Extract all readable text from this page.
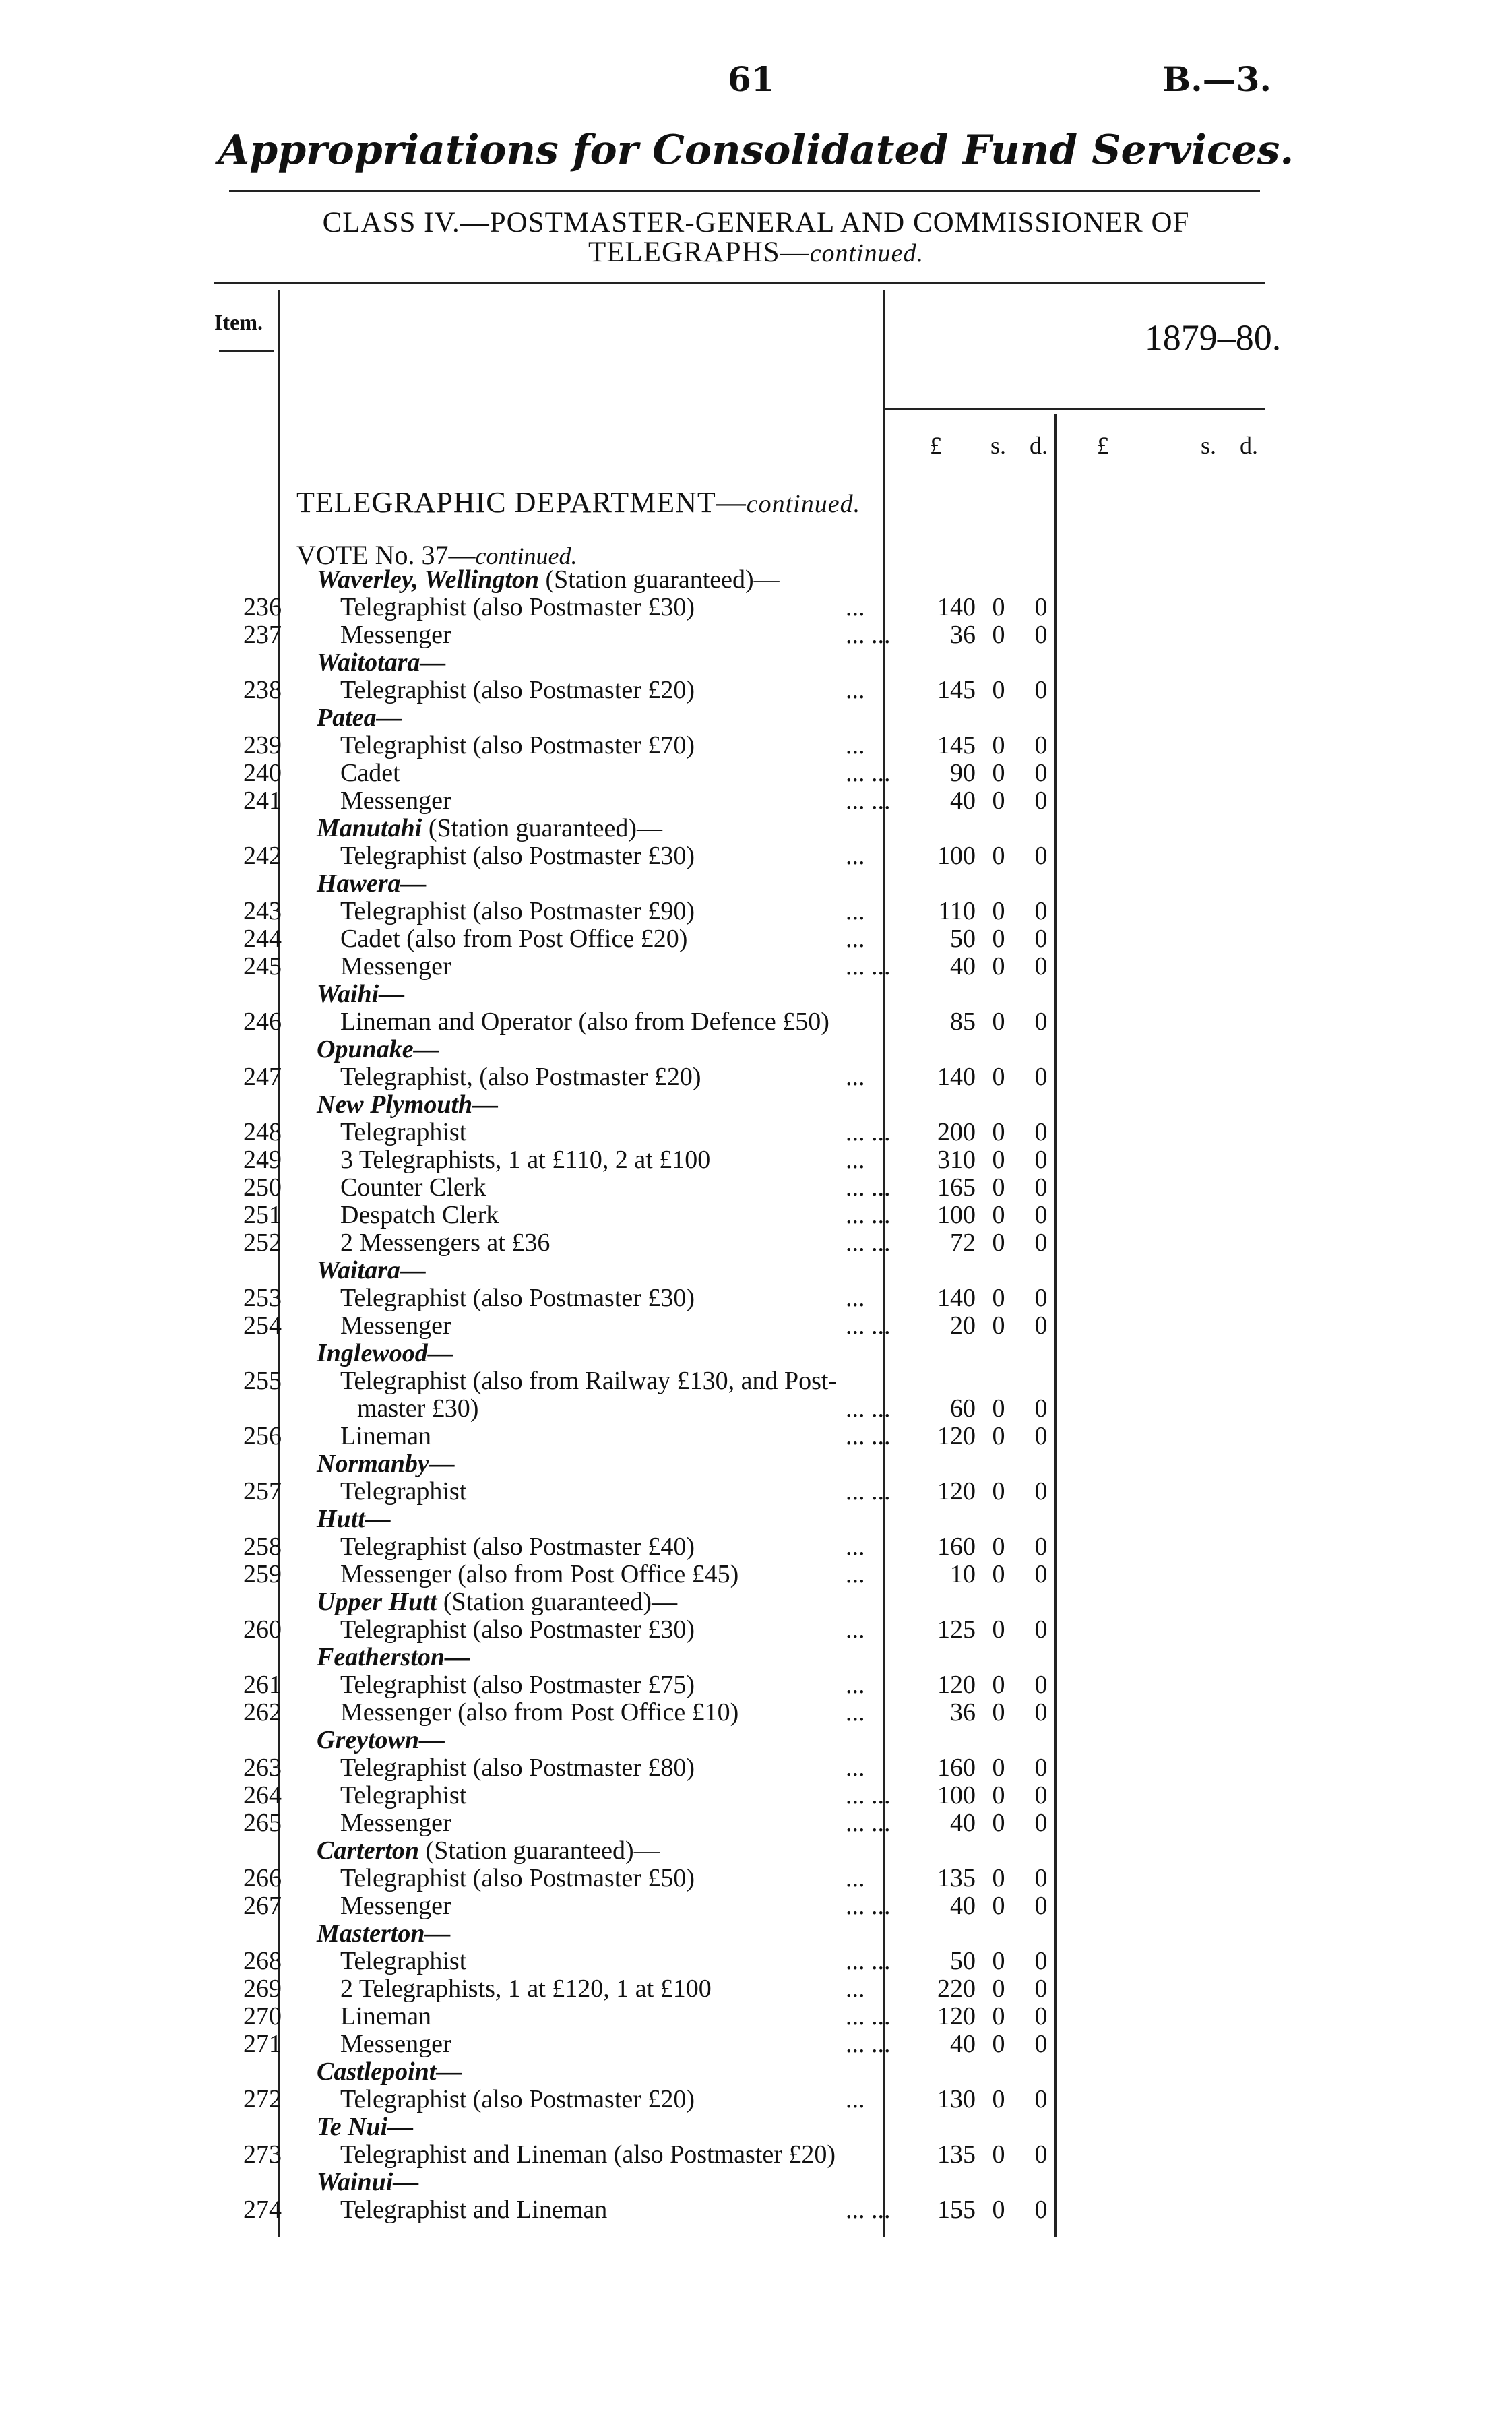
61	B.—3.
Appropriations for Consolidated Fund Services.
CLASS IV.—POSTMASTER-GENERAL AND COMMISSIONER OF
TELEGRAPHS—continued.
Item.	1879–80.
£ s. d. £	s. d.
TELEGRAPHIC DEPARTMENT—continued.
VOTE No. 37—continued.
Waverley, Wellington (Station guaranteed)—
236 Telegraphist (also Postmaster £30)	...	140 0 0
237 Messenger	... ...	36 0 0
Waitotara—
238 Telegraphist (also Postmaster £20)	...	145 0 0
Patea—
239 Telegraphist (also Postmaster £70)	...	145 0 0
240 Cadet	... ...	90 0 0
241 Messenger	... ...	40 0 0
Manutahi (Station guaranteed)—
242 Telegraphist (also Postmaster £30)	...	100 0 0
Hawera—
243 Telegraphist (also Postmaster £90)	...	110 0 0
244 Cadet (also from Post Office £20)	...	50 0 0
245 Messenger	... ...	40 0 0
Waihi—
246 Lineman and Operator (also from Defence £50)	85 0 0
Opunake—
247 Telegraphist, (also Postmaster £20)	...	140 0 0
New Plymouth—
248 Telegraphist	... ...	200 0 0
249 3 Telegraphists, 1 at £110, 2 at £100	...	310 0 0
250 Counter Clerk	... ...	165 0 0
251 Despatch Clerk	... ...	100 0 0
252 2 Messengers at £36	... ...	72 0 0
Waitara—
253 Telegraphist (also Postmaster £30)	...	140 0 0
254 Messenger	... ...	20 0 0
Inglewood—
255 Telegraphist (also from Railway £130, and Post-
master £30)	... ...	60 0 0
256 Lineman	... ...	120 0 0
Normanby—
257 Telegraphist	... ...	120 0 0
Hutt—
258 Telegraphist (also Postmaster £40)	...	160 0 0
259 Messenger (also from Post Office £45)	...	10 0 0
Upper Hutt (Station guaranteed)—
260 Telegraphist (also Postmaster £30)	...	125 0 0
Featherston—
261 Telegraphist (also Postmaster £75)	...	120 0 0
262 Messenger (also from Post Office £10)	...	36 0 0
Greytown—
263 Telegraphist (also Postmaster £80)	...	160 0 0
264 Telegraphist	... ...	100 0 0
265 Messenger	... ...	40 0 0
Carterton (Station guaranteed)—
266 Telegraphist (also Postmaster £50)	...	135 0 0
267 Messenger	... ...	40 0 0
Masterton—
268 Telegraphist	... ...	50 0 0
269 2 Telegraphists, 1 at £120, 1 at £100	...	220 0 0
270 Lineman	... ...	120 0 0
271 Messenger	... ...	40 0 0
Castlepoint—
272 Telegraphist (also Postmaster £20)	...	130 0 0
Te Nui—
273 Telegraphist and Lineman (also Postmaster £20)	135 0 0
Wainui—
274 Telegraphist and Lineman	... ...	155 0 0
